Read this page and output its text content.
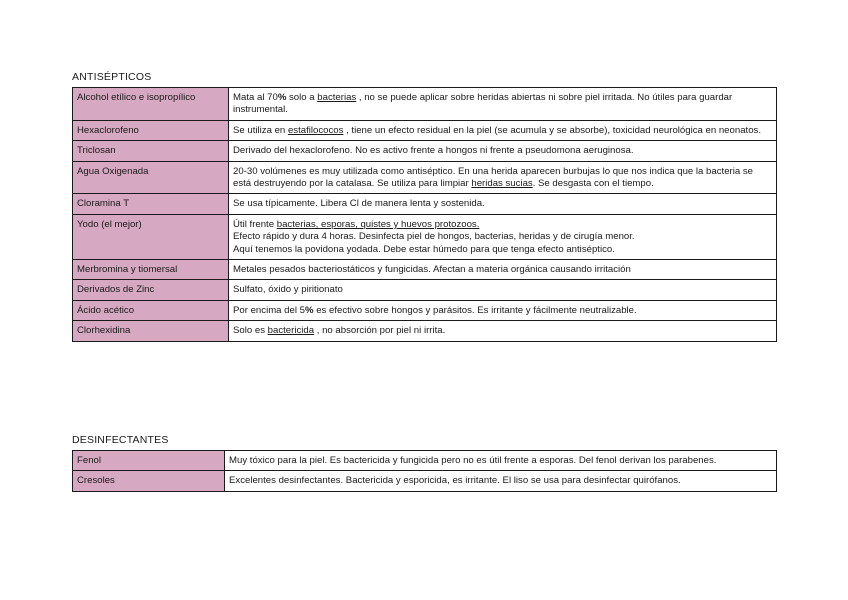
ANTISÉPTICOS
Alcohol etílico e isopropílico	Mata al 70% solo a bacterias , no se puede aplicar sobre heridas abiertas ni sobre piel irritada. No útiles para guardar instrumental.
Hexaclorofeno	Se utiliza en estafilococos , tiene un efecto residual en la piel (se acumula y se absorbe), toxicidad neurológica en neonatos.
Triclosan	Derivado del hexaclorofeno. No es activo frente a hongos ni frente a pseudomona aeruginosa.
Agua Oxigenada	20-30 volúmenes es muy utilizada como antiséptico. En una herida aparecen burbujas lo que nos indica que la bacteria se está destruyendo por la catalasa. Se utiliza para limpiar heridas sucias. Se desgasta con el tiempo.
Cloramina T	Se usa típicamente. Libera Cl de manera lenta y sostenida.
Yodo (el mejor)	Útil frente bacterias, esporas, quistes y huevos protozoos.
Efecto rápido y dura 4 horas. Desinfecta piel de hongos, bacterias, heridas y de cirugía menor.
Aquí tenemos la povidona yodada. Debe estar húmedo para que tenga efecto antiséptico.
Merbromina y tiomersal	Metales pesados bacteriostáticos y fungicidas. Afectan a materia orgánica causando irritación
Derivados de Zinc	Sulfato, óxido y piritionato
Ácido acético	Por encima del 5% es efectivo sobre hongos y parásitos. Es irritante y fácilmente neutralizable.
Clorhexidina	Solo es bactericida , no absorción por piel ni irrita.
DESINFECTANTES
Fenol	Muy tóxico para la piel. Es bactericida y fungicida pero no es útil frente a esporas. Del fenol derivan los parabenes.
Cresoles	Excelentes desinfectantes. Bactericida y esporicida, es irritante. El liso se usa para desinfectar quirófanos.
